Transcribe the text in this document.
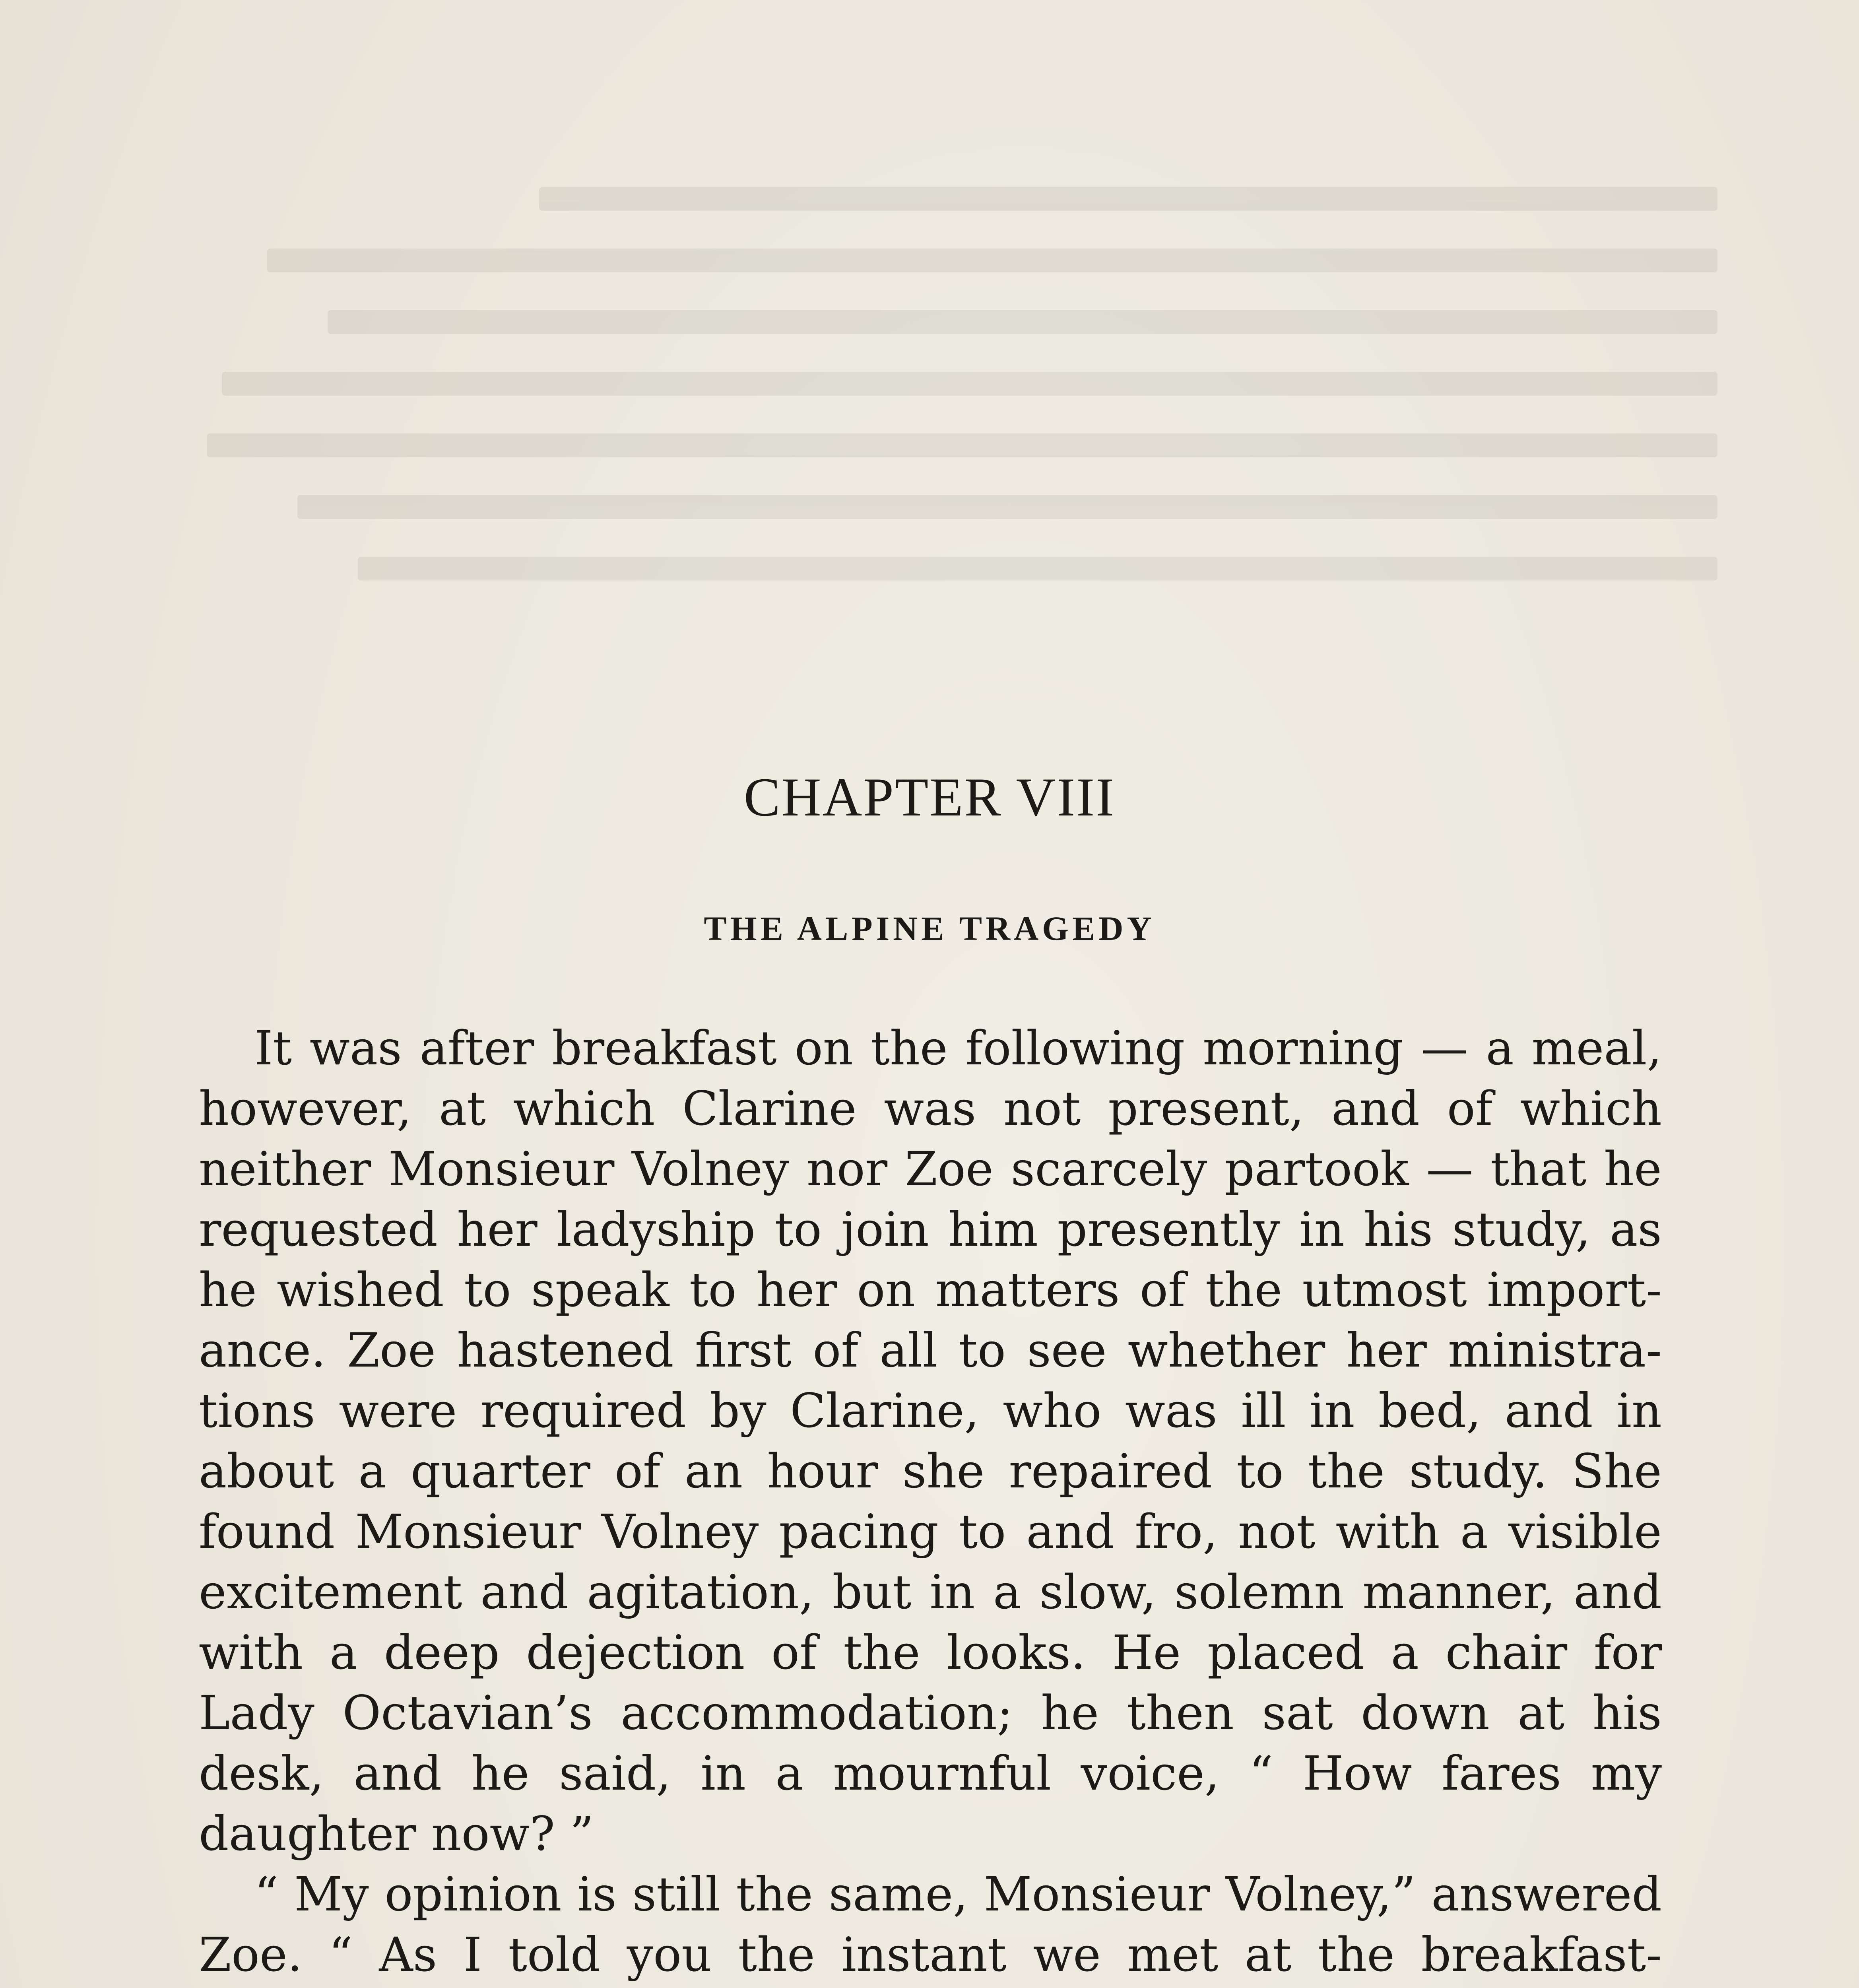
CHAPTER VIII
THE ALPINE TRAGEDY
It was after breakfast on the following morning — a meal,
however, at which Clarine was not present, and of which
neither Monsieur Volney nor Zoe scarcely partook — that he
requested her ladyship to join him presently in his study, as
he wished to speak to her on matters of the utmost import-
ance. Zoe hastened first of all to see whether her ministra-
tions were required by Clarine, who was ill in bed, and in
about a quarter of an hour she repaired to the study. She
found Monsieur Volney pacing to and fro, not with a visible
excitement and agitation, but in a slow, solemn manner, and
with a deep dejection of the looks. He placed a chair for
Lady Octavian’s accommodation; he then sat down at his
desk, and he said, in a mournful voice, “ How fares my
daughter now? ”
“ My opinion is still the same, Monsieur Volney,” answered
Zoe. “ As I told you the instant we met at the breakfast-
